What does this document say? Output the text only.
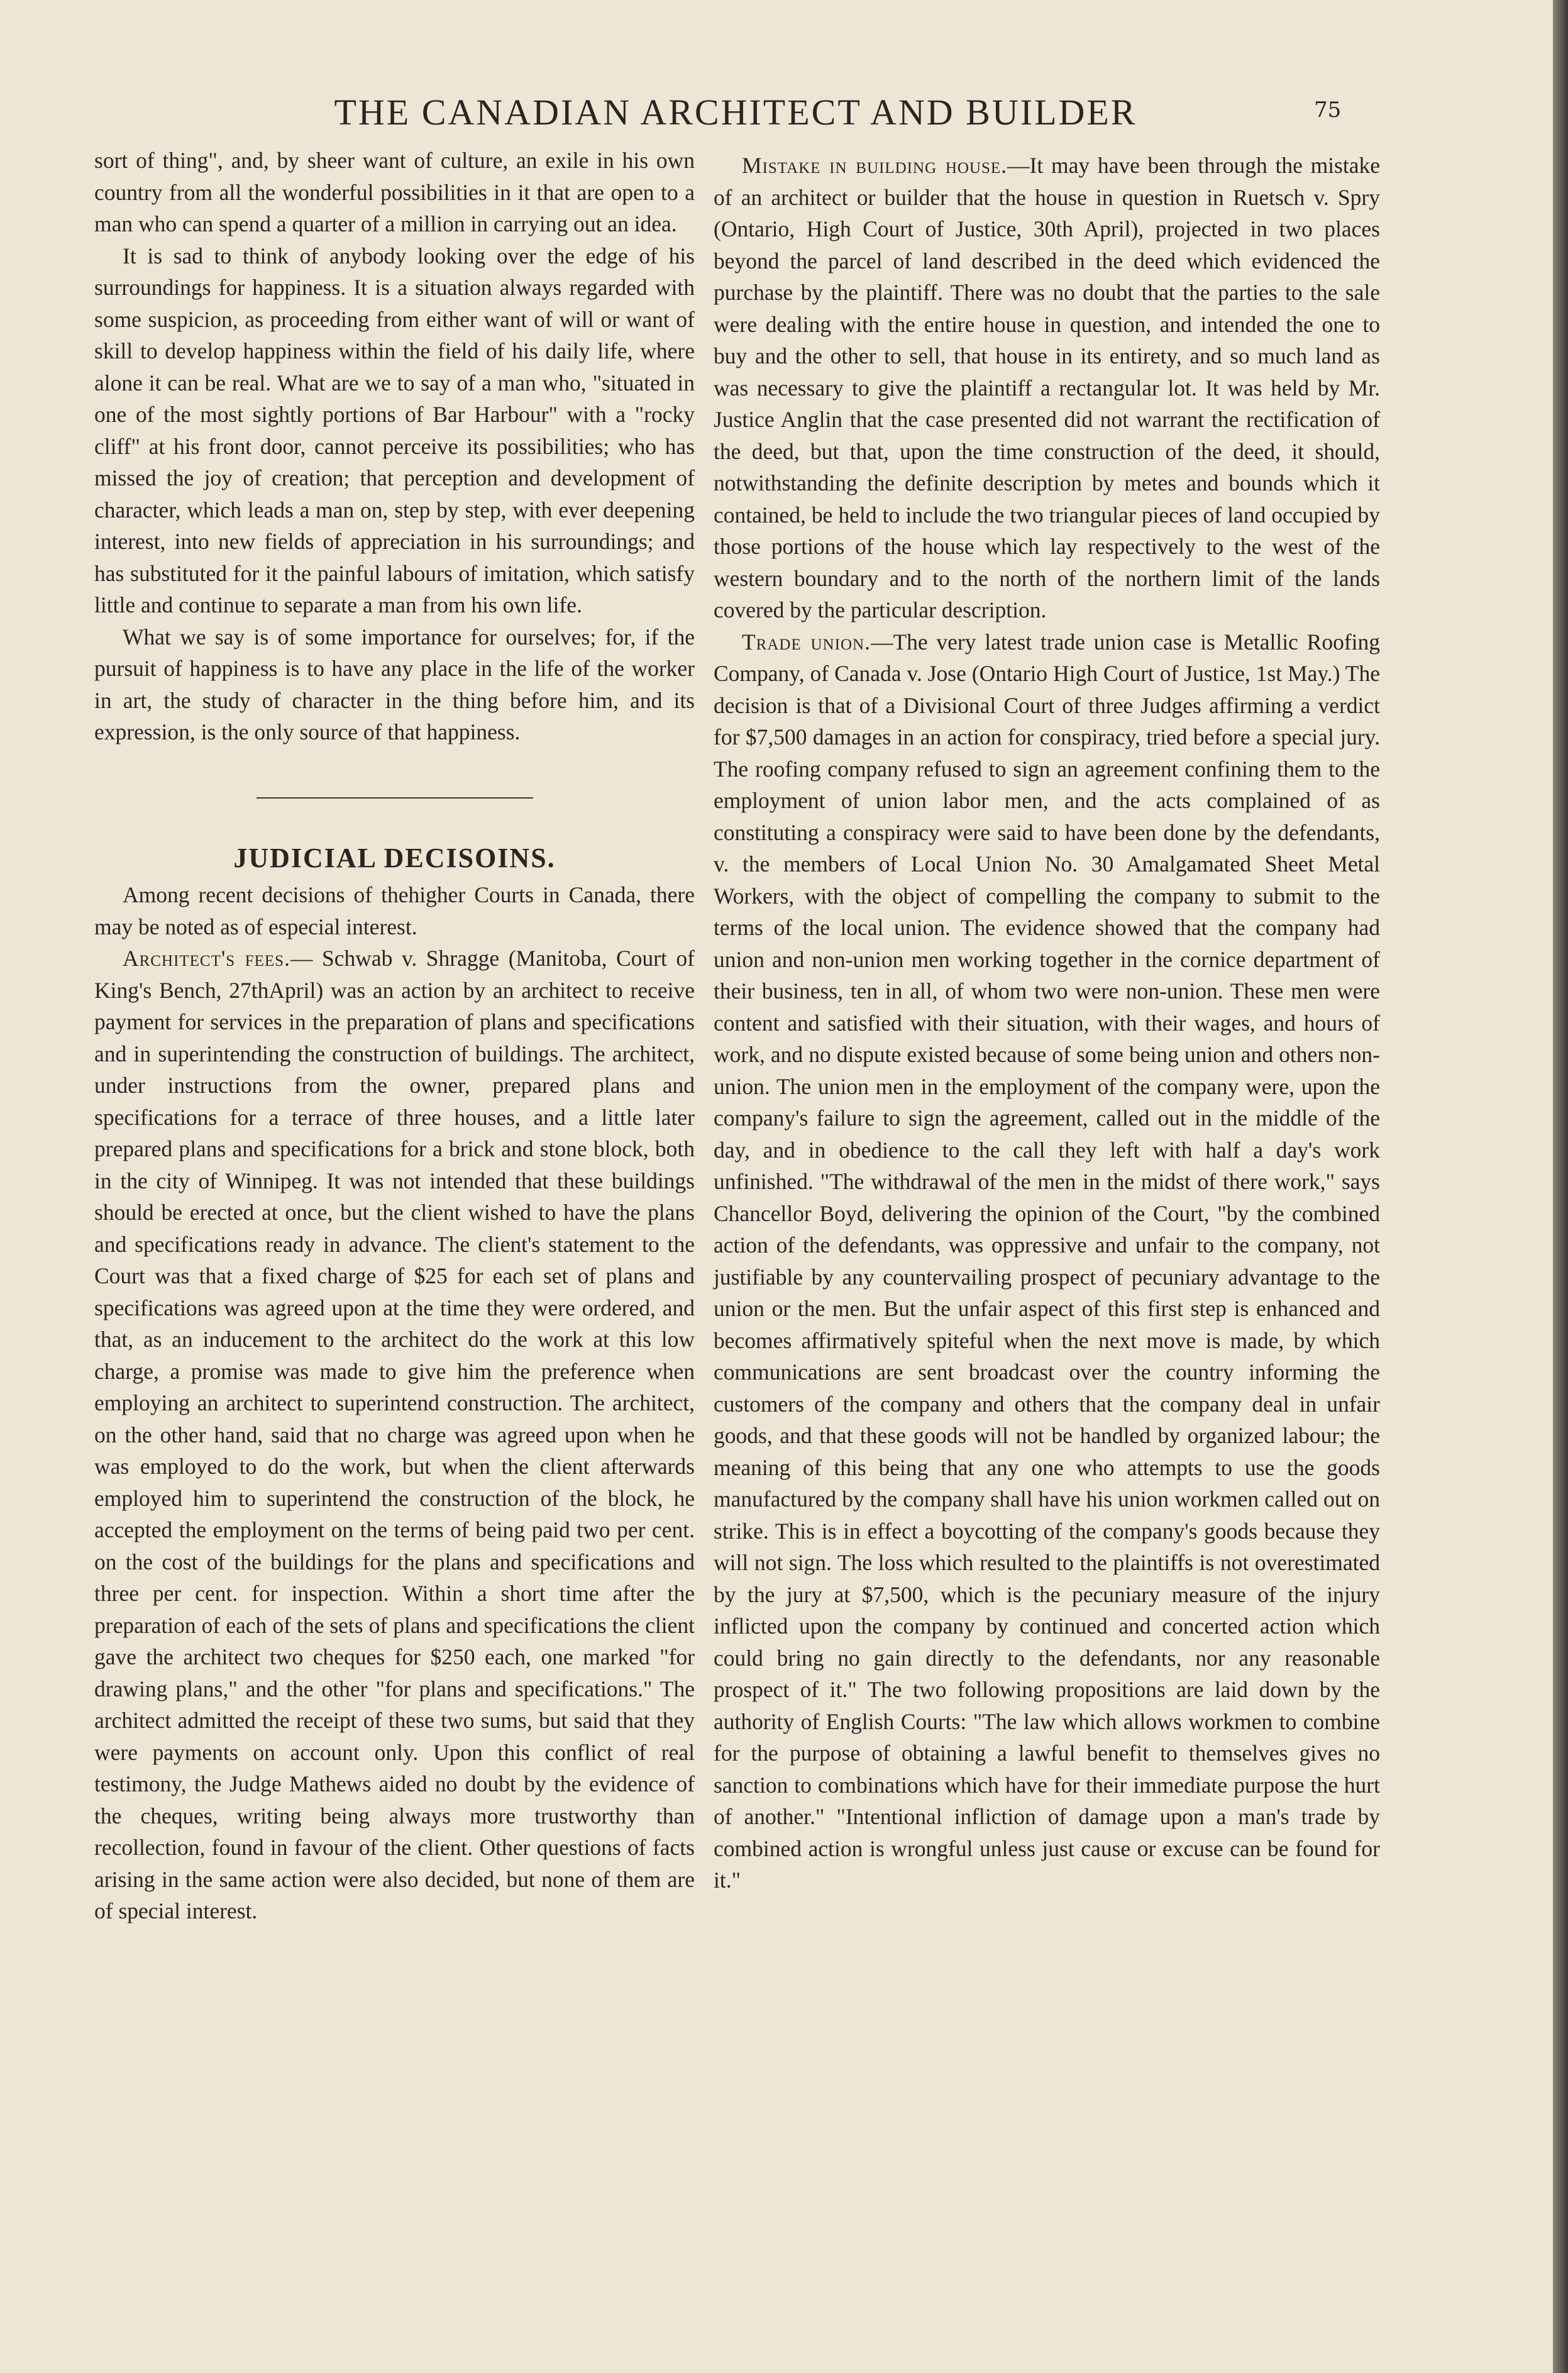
THE CANADIAN ARCHITECT AND BUILDER	75

sort of thing", and, by sheer want of culture, an exile in his own country from all the wonderful possibilities in it that are open to a man who can spend a quarter of a million in carrying out an idea.

It is sad to think of anybody looking over the edge of his surroundings for happiness. It is a situation always regarded with some suspicion, as proceeding from either want of will or want of skill to develop happiness within the field of his daily life, where alone it can be real. What are we to say of a man who, "situated in one of the most sightly portions of Bar Harbour" with a "rocky cliff" at his front door, cannot perceive its possibilities; who has missed the joy of creation; that perception and development of character, which leads a man on, step by step, with ever deepening interest, into new fields of appreciation in his surroundings; and has substituted for it the painful labours of imitation, which satisfy little and continue to separate a man from his own life.

What we say is of some importance for ourselves; for, if the pursuit of happiness is to have any place in the life of the worker in art, the study of character in the thing before him, and its expression, is the only source of that happiness.

JUDICIAL DECISOINS.

Among recent decisions of thehigher Courts in Canada, there may be noted as of especial interest.

Architect's fees.— Schwab v. Shragge (Manitoba, Court of King's Bench, 27thApril) was an action by an architect to receive payment for services in the preparation of plans and specifications and in superintending the construction of buildings. The architect, under instructions from the owner, prepared plans and specifications for a terrace of three houses, and a little later prepared plans and specifications for a brick and stone block, both in the city of Winnipeg. It was not intended that these buildings should be erected at once, but the client wished to have the plans and specifications ready in advance. The client's statement to the Court was that a fixed charge of $25 for each set of plans and specifications was agreed upon at the time they were ordered, and that, as an inducement to the architect do the work at this low charge, a promise was made to give him the preference when employing an architect to superintend construction. The architect, on the other hand, said that no charge was agreed upon when he was employed to do the work, but when the client afterwards employed him to superintend the construction of the block, he accepted the employment on the terms of being paid two per cent. on the cost of the buildings for the plans and specifications and three per cent. for inspection. Within a short time after the preparation of each of the sets of plans and specifications the client gave the architect two cheques for $250 each, one marked "for drawing plans," and the other "for plans and specifications." The architect admitted the receipt of these two sums, but said that they were payments on account only. Upon this conflict of real testimony, the Judge Mathews aided no doubt by the evidence of the cheques, writing being always more trustworthy than recollection, found in favour of the client. Other questions of facts arising in the same action were also decided, but none of them are of special interest.

Mistake in building house.—It may have been through the mistake of an architect or builder that the house in question in Ruetsch v. Spry (Ontario, High Court of Justice, 30th April), projected in two places beyond the parcel of land described in the deed which evidenced the purchase by the plaintiff. There was no doubt that the parties to the sale were dealing with the entire house in question, and intended the one to buy and the other to sell, that house in its entirety, and so much land as was necessary to give the plaintiff a rectangular lot. It was held by Mr. Justice Anglin that the case presented did not warrant the rectification of the deed, but that, upon the time construction of the deed, it should, notwithstanding the definite description by metes and bounds which it contained, be held to include the two triangular pieces of land occupied by those portions of the house which lay respectively to the west of the western boundary and to the north of the northern limit of the lands covered by the particular description.

Trade union.—The very latest trade union case is Metallic Roofing Company, of Canada v. Jose (Ontario High Court of Justice, 1st May.) The decision is that of a Divisional Court of three Judges affirming a verdict for $7,500 damages in an action for conspiracy, tried before a special jury. The roofing company refused to sign an agreement confining them to the employment of union labor men, and the acts complained of as constituting a conspiracy were said to have been done by the defendants, v. the members of Local Union No. 30 Amalgamated Sheet Metal Workers, with the object of compelling the company to submit to the terms of the local union. The evidence showed that the company had union and non-union men working together in the cornice department of their business, ten in all, of whom two were non-union. These men were content and satisfied with their situation, with their wages, and hours of work, and no dispute existed because of some being union and others non-union. The union men in the employment of the company were, upon the company's failure to sign the agreement, called out in the middle of the day, and in obedience to the call they left with half a day's work unfinished. "The withdrawal of the men in the midst of there work," says Chancellor Boyd, delivering the opinion of the Court, "by the combined action of the defendants, was oppressive and unfair to the company, not justifiable by any countervailing prospect of pecuniary advantage to the union or the men. But the unfair aspect of this first step is enhanced and becomes affirmatively spiteful when the next move is made, by which communications are sent broadcast over the country informing the customers of the company and others that the company deal in unfair goods, and that these goods will not be handled by organized labour; the meaning of this being that any one who attempts to use the goods manufactured by the company shall have his union workmen called out on strike. This is in effect a boycotting of the company's goods because they will not sign. The loss which resulted to the plaintiffs is not overestimated by the jury at $7,500, which is the pecuniary measure of the injury inflicted upon the company by continued and concerted action which could bring no gain directly to the defendants, nor any reasonable prospect of it." The two following propositions are laid down by the authority of English Courts: "The law which allows workmen to combine for the purpose of obtaining a lawful benefit to themselves gives no sanction to combinations which have for their immediate purpose the hurt of another." "Intentional infliction of damage upon a man's trade by combined action is wrongful unless just cause or excuse can be found for it."
